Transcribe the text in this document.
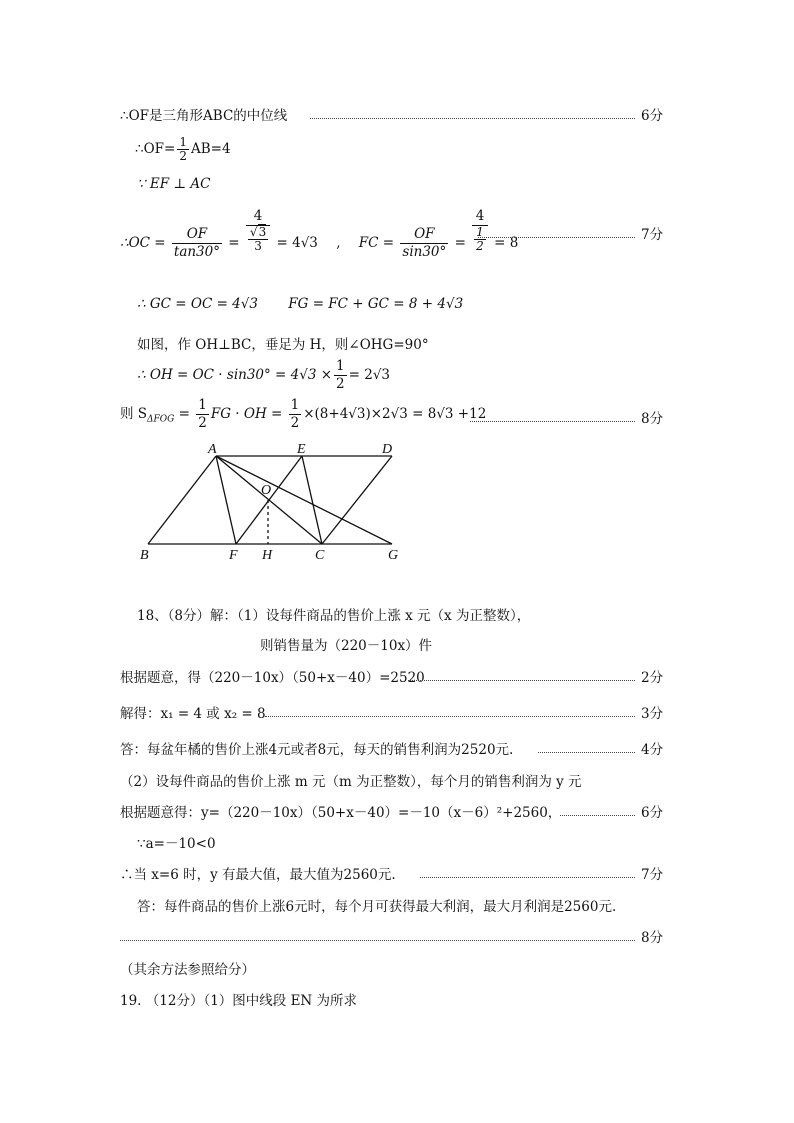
∴OF是三角形ABC的中位线	6分
∴OF= $\frac{1}{2} AB=4$
∵ EF ⊥ AC
∴OC = $\frac{OF}{\tan 30^\circ} = \frac{4}{\frac{√3}{3}} = 4√3$ , FC = $\frac{OF}{\sin 30^\circ} = \frac{4}{\frac{1}{2}} = 8$	7分
∴ GC = OC = 4√3 FG = FC + GC = 8 + 4√3
如图，作 OH⊥BC，垂足为 H，则∠OHG=90°
∴ OH = OC · $\sin 30^\circ = 4√3 \times \frac{1}{2} = 2√3$
则 $S_{\Delta FOG} = \frac{1}{2}$ FG · OH = $\frac{1}{2} \times(8+4√3)\times 2√3 = 8√3 +12$	8分
A	E	D
O
B	F H	C	G
18、（8分）解：（1）设每件商品的售价上涨 x 元（x 为正整数），
则销售量为（220－10x）件
根据题意，得（220－10x）（50+x－40）=2520	2分
解得：x₁ = 4 或 x₂ = 8	3分
答：每盆年橘的售价上涨4元或者8元，每天的销售利润为2520元.	4分
（2）设每件商品的售价上涨 m 元（m 为正整数），每个月的销售利润为 y 元
根据题意得：y=（220－10x）（50+x－40）=－10（x－6）²+2560，	6分
∵a=－10<0
∴当 x=6 时，y 有最大值，最大值为2560元.	7分
答：每件商品的售价上涨6元时，每个月可获得最大利润，最大月利润是2560元.
8分
（其余方法参照给分）
19. （12分）（1）图中线段 EN 为所求
